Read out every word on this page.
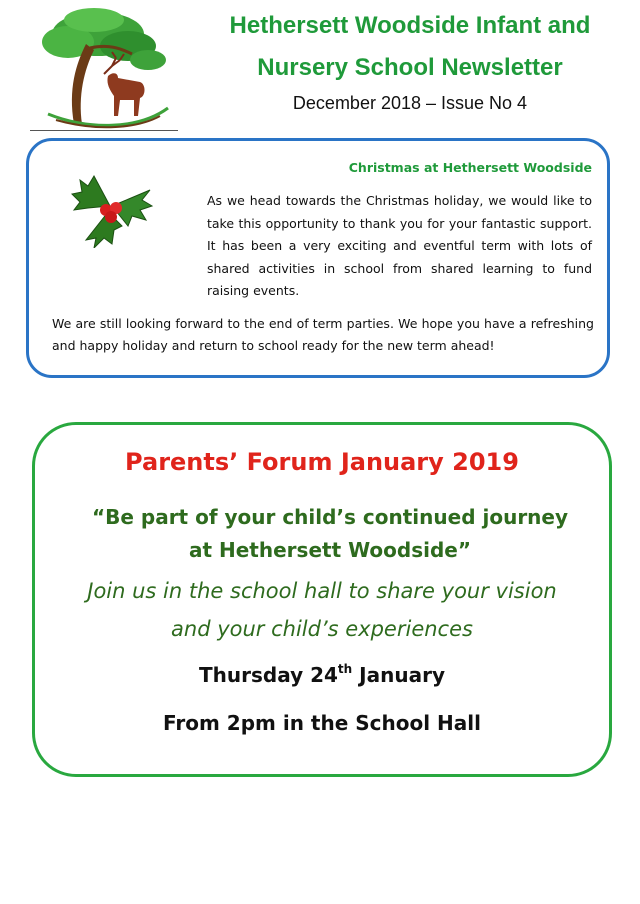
Hethersett Woodside Infant and
Nursery School Newsletter
December 2018 – Issue No 4
Christmas at Hethersett Woodside
As we head towards the Christmas holiday, we would like to take this opportunity to thank you for your fantastic support. It has been a very exciting and eventful term with lots of shared activities in school from shared learning to fund raising events.
We are still looking forward to the end of term parties. We hope you have a refreshing and happy holiday and return to school ready for the new term ahead!
Parents’ Forum January 2019
“Be part of your child’s continued journey
at Hethersett Woodside”
Join us in the school hall to share your vision
and your child’s experiences
Thursday 24th January
From 2pm in the School Hall
